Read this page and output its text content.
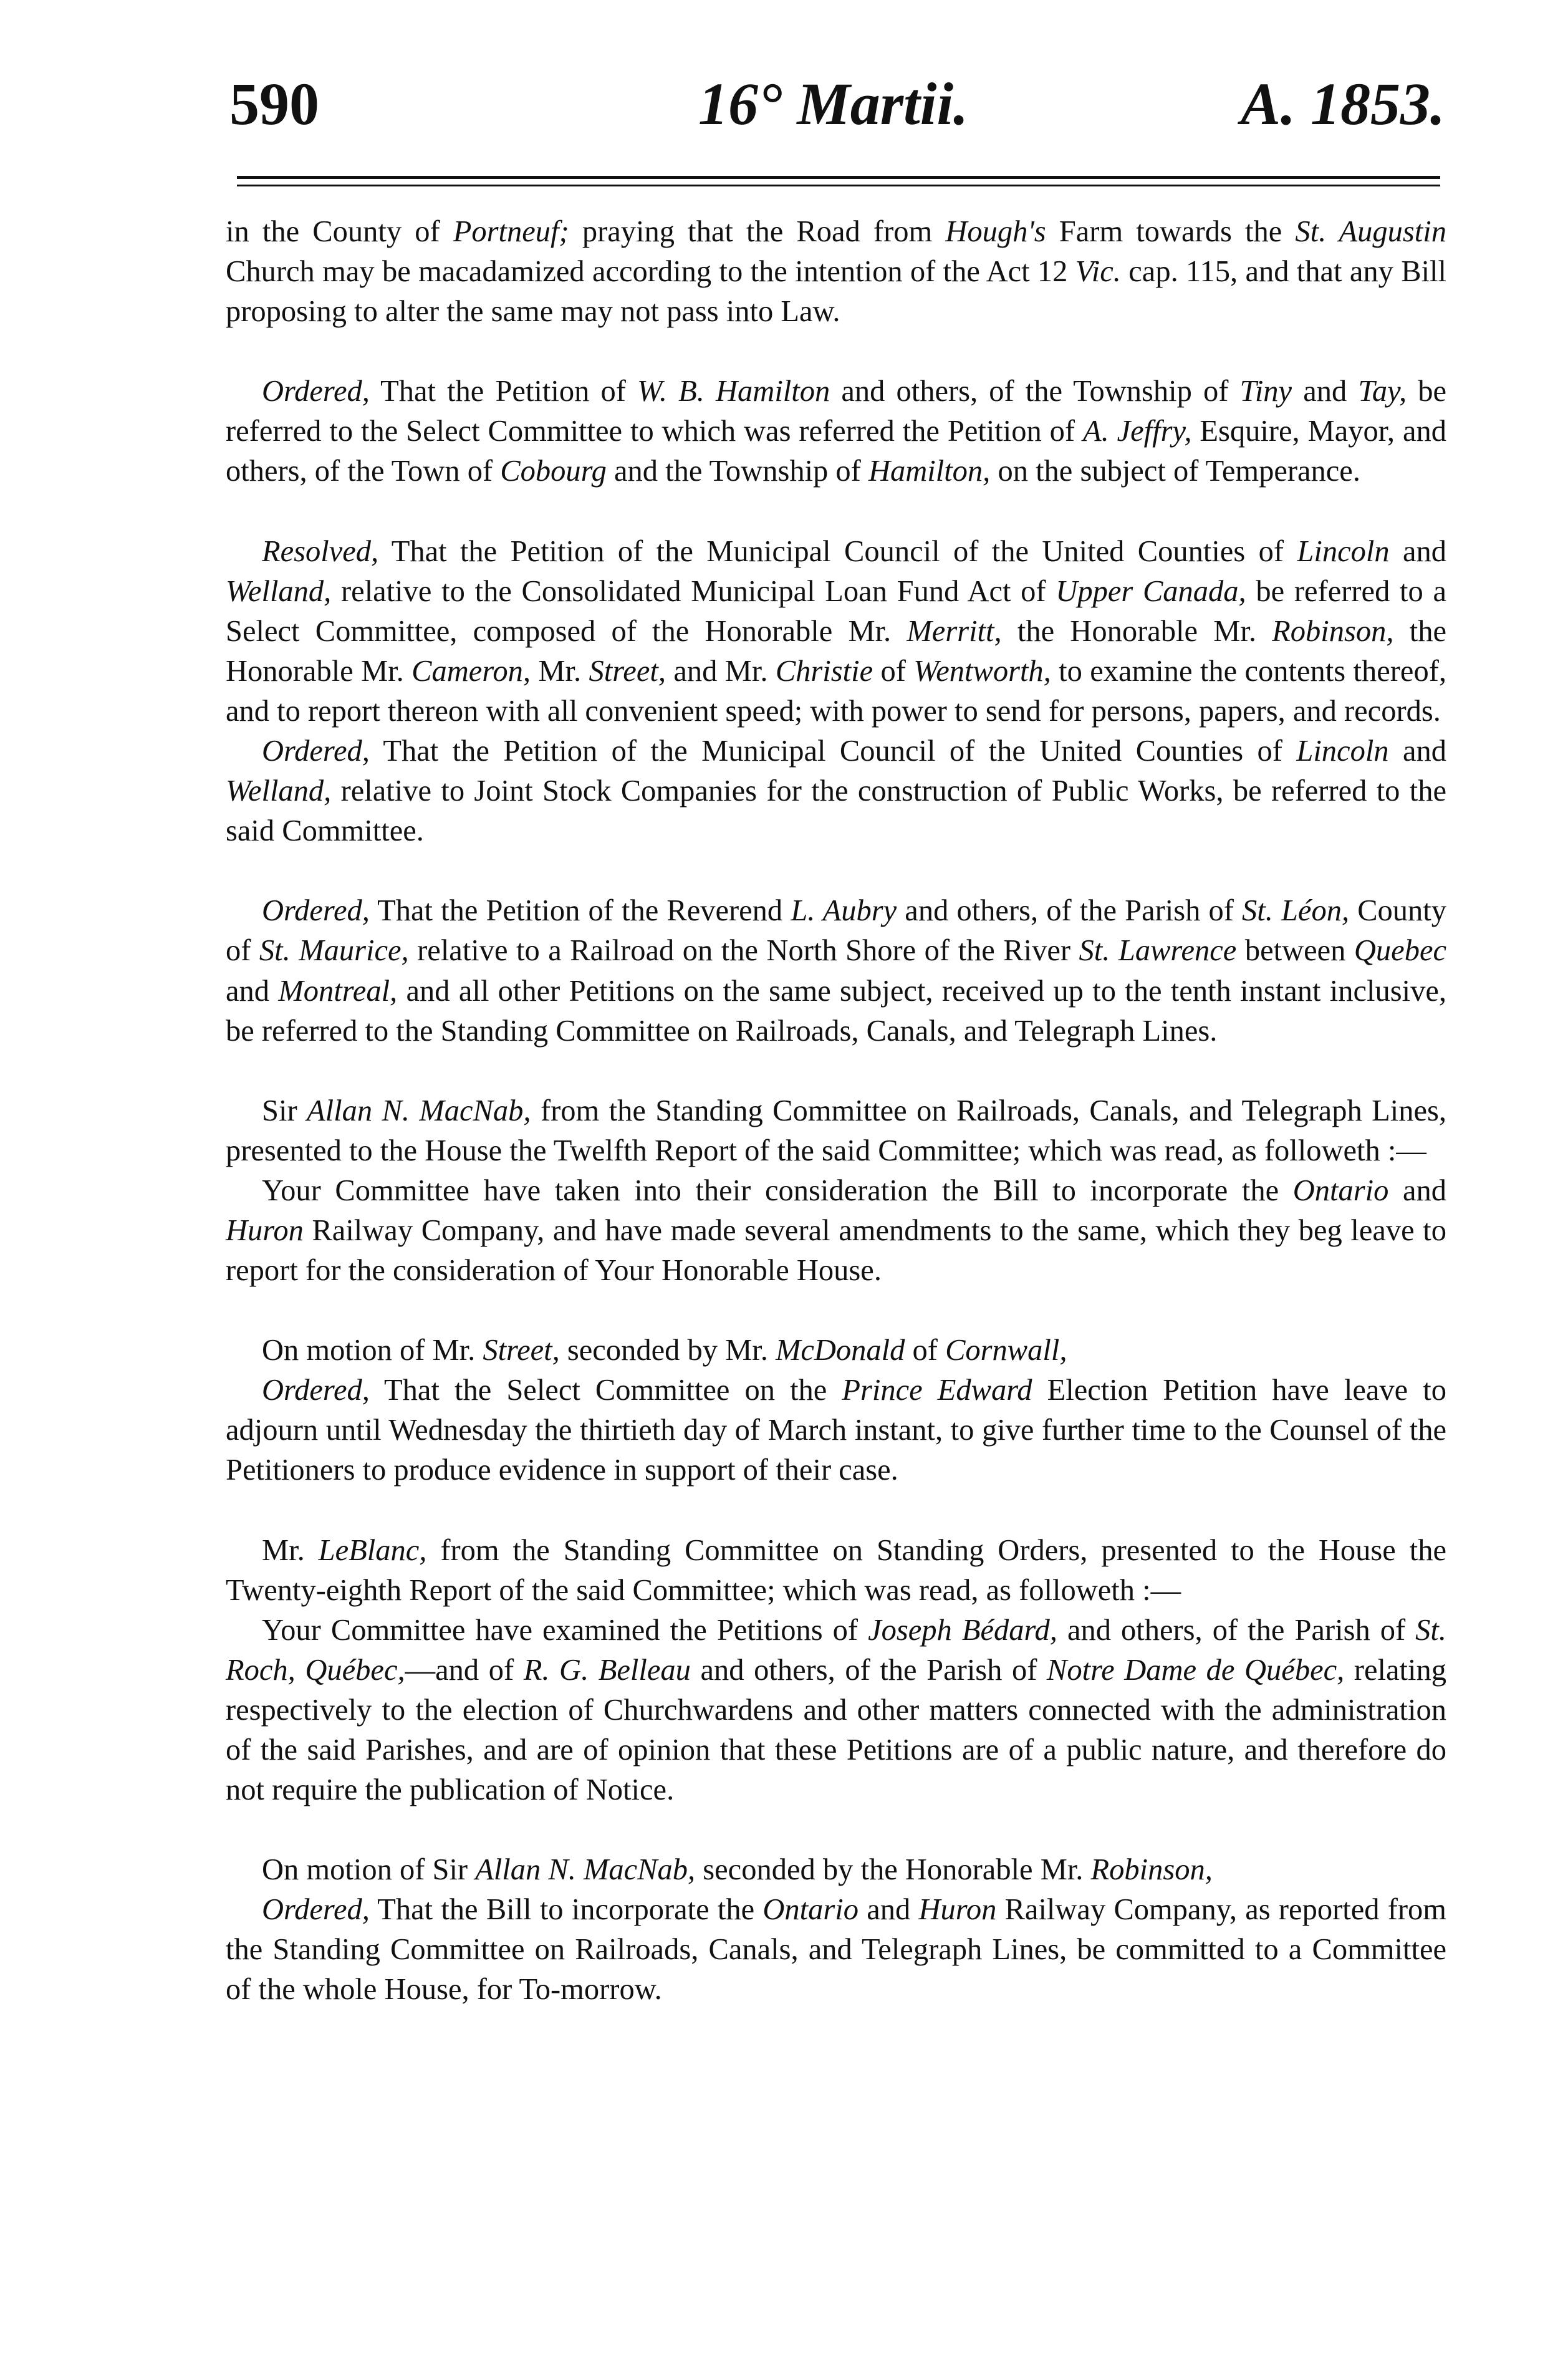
590	16° Martii.	A. 1853.

in the County of Portneuf; praying that the Road from Hough's Farm towards the St. Augustin Church may be macadamized according to the intention of the Act 12 Vic. cap. 115, and that any Bill proposing to alter the same may not pass into Law.

Ordered, That the Petition of W. B. Hamilton and others, of the Township of Tiny and Tay, be referred to the Select Committee to which was referred the Petition of A. Jeffry, Esquire, Mayor, and others, of the Town of Cobourg and the Township of Hamilton, on the subject of Temperance.

Resolved, That the Petition of the Municipal Council of the United Counties of Lincoln and Welland, relative to the Consolidated Municipal Loan Fund Act of Upper Canada, be referred to a Select Committee, composed of the Honorable Mr. Merritt, the Honorable Mr. Robinson, the Honorable Mr. Cameron, Mr. Street, and Mr. Christie of Wentworth, to examine the contents thereof, and to report thereon with all convenient speed; with power to send for persons, papers, and records.

Ordered, That the Petition of the Municipal Council of the United Counties of Lincoln and Welland, relative to Joint Stock Companies for the construction of Public Works, be referred to the said Committee.

Ordered, That the Petition of the Reverend L. Aubry and others, of the Parish of St. Léon, County of St. Maurice, relative to a Railroad on the North Shore of the River St. Lawrence between Quebec and Montreal, and all other Petitions on the same subject, received up to the tenth instant inclusive, be referred to the Standing Committee on Railroads, Canals, and Telegraph Lines.

Sir Allan N. MacNab, from the Standing Committee on Railroads, Canals, and Telegraph Lines, presented to the House the Twelfth Report of the said Committee; which was read, as followeth :—

Your Committee have taken into their consideration the Bill to incorporate the Ontario and Huron Railway Company, and have made several amendments to the same, which they beg leave to report for the consideration of Your Honorable House.

On motion of Mr. Street, seconded by Mr. McDonald of Cornwall,

Ordered, That the Select Committee on the Prince Edward Election Petition have leave to adjourn until Wednesday the thirtieth day of March instant, to give further time to the Counsel of the Petitioners to produce evidence in support of their case.

Mr. LeBlanc, from the Standing Committee on Standing Orders, presented to the House the Twenty-eighth Report of the said Committee; which was read, as followeth :—

Your Committee have examined the Petitions of Joseph Bédard, and others, of the Parish of St. Roch, Québec,—and of R. G. Belleau and others, of the Parish of Notre Dame de Québec, relating respectively to the election of Churchwardens and other matters connected with the administration of the said Parishes, and are of opinion that these Petitions are of a public nature, and therefore do not require the publication of Notice.

On motion of Sir Allan N. MacNab, seconded by the Honorable Mr. Robinson,

Ordered, That the Bill to incorporate the Ontario and Huron Railway Company, as reported from the Standing Committee on Railroads, Canals, and Telegraph Lines, be committed to a Committee of the whole House, for To-morrow.
